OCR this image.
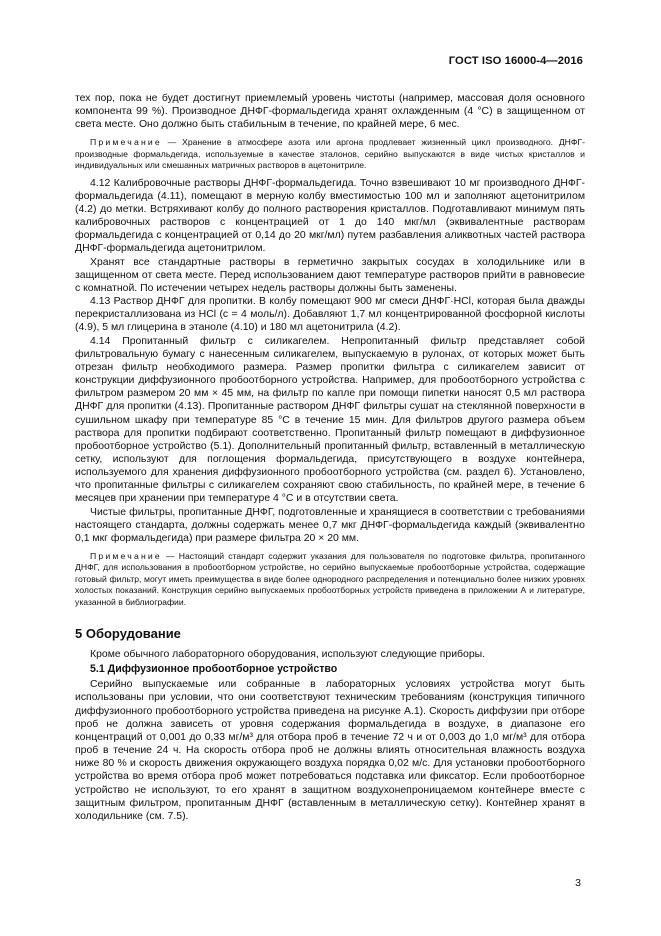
ГОСТ ISO 16000-4—2016

тех пор, пока не будет достигнут приемлемый уровень чистоты (например, массовая доля основного компонента 99 %). Производное ДНФГ-формальдегида хранят охлажденным (4 °С) в защищенном от света месте. Оно должно быть стабильным в течение, по крайней мере, 6 мес.

Примечание — Хранение в атмосфере азота или аргона продлевает жизненный цикл производного. ДНФГ-производные формальдегида, используемые в качестве эталонов, серийно выпускаются в виде чистых кристаллов и индивидуальных или смешанных матричных растворов в ацетонитриле.

4.12 Калибровочные растворы ДНФГ-формальдегида. Точно взвешивают 10 мг производного ДНФГ-формальдегида (4.11), помещают в мерную колбу вместимостью 100 мл и заполняют ацетонитрилом (4.2) до метки. Встряхивают колбу до полного растворения кристаллов. Подготавливают минимум пять калибровочных растворов с концентрацией от 1 до 140 мкг/мл (эквивалентные растворам формальдегида с концентрацией от 0,14 до 20 мкг/мл) путем разбавления аликвотных частей раствора ДНФГ-формальдегида ацетонитрилом.

Хранят все стандартные растворы в герметично закрытых сосудах в холодильнике или в защищенном от света месте. Перед использованием дают температуре растворов прийти в равновесие с комнатной. По истечении четырех недель растворы должны быть заменены.

4.13 Раствор ДНФГ для пропитки. В колбу помещают 900 мг смеси ДНФГ·HCl, которая была дважды перекристаллизована из HCl (с = 4 моль/л). Добавляют 1,7 мл концентрированной фосфорной кислоты (4.9), 5 мл глицерина в этаноле (4.10) и 180 мл ацетонитрила (4.2).

4.14 Пропитанный фильтр с силикагелем. Непропитанный фильтр представляет собой фильтровальную бумагу с нанесенным силикагелем, выпускаемую в рулонах, от которых может быть отрезан фильтр необходимого размера. Размер пропитки фильтра с силикагелем зависит от конструкции диффузионного пробоотборного устройства. Например, для пробоотборного устройства с фильтром размером 20 мм × 45 мм, на фильтр по капле при помощи пипетки наносят 0,5 мл раствора ДНФГ для пропитки (4.13). Пропитанные раствором ДНФГ фильтры сушат на стеклянной поверхности в сушильном шкафу при температуре 85 °С в течение 15 мин. Для фильтров другого размера объем раствора для пропитки подбирают соответственно. Пропитанный фильтр помещают в диффузионное пробоотборное устройство (5.1). Дополнительный пропитанный фильтр, вставленный в металлическую сетку, используют для поглощения формальдегида, присутствующего в воздухе контейнера, используемого для хранения диффузионного пробоотборного устройства (см. раздел 6). Установлено, что пропитанные фильтры с силикагелем сохраняют свою стабильность, по крайней мере, в течение 6 месяцев при хранении при температуре 4 °С и в отсутствии света.

Чистые фильтры, пропитанные ДНФГ, подготовленные и хранящиеся в соответствии с требованиями настоящего стандарта, должны содержать менее 0,7 мкг ДНФГ-формальдегида каждый (эквивалентно 0,1 мкг формальдегида) при размере фильтра 20 × 20 мм.

Примечание — Настоящий стандарт содержит указания для пользователя по подготовке фильтра, пропитанного ДНФГ, для использования в пробоотборном устройстве, но серийно выпускаемые пробоотборные устройства, содержащие готовый фильтр, могут иметь преимущества в виде более однородного распределения и потенциально более низких уровнях холостых показаний. Конструкция серийно выпускаемых пробоотборных устройств приведена в приложении А и литературе, указанной в библиографии.
5 Оборудование

Кроме обычного лабораторного оборудования, используют следующие приборы.

5.1 Диффузионное пробоотборное устройство

Серийно выпускаемые или собранные в лабораторных условиях устройства могут быть использованы при условии, что они соответствуют техническим требованиям (конструкция типичного диффузионного пробоотборного устройства приведена на рисунке А.1). Скорость диффузии при отборе проб не должна зависеть от уровня содержания формальдегида в воздухе, в диапазоне его концентраций от 0,001 до 0,33 мг/м³ для отбора проб в течение 72 ч и от 0,003 до 1,0 мг/м³ для отбора проб в течение 24 ч. На скорость отбора проб не должны влиять относительная влажность воздуха ниже 80 % и скорость движения окружающего воздуха порядка 0,02 м/с. Для установки пробоотборного устройства во время отбора проб может потребоваться подставка или фиксатор. Если пробоотборное устройство не используют, то его хранят в защитном воздухонепроницаемом контейнере вместе с защитным фильтром, пропитанным ДНФГ (вставленным в металлическую сетку). Контейнер хранят в холодильнике (см. 7.5).

3
